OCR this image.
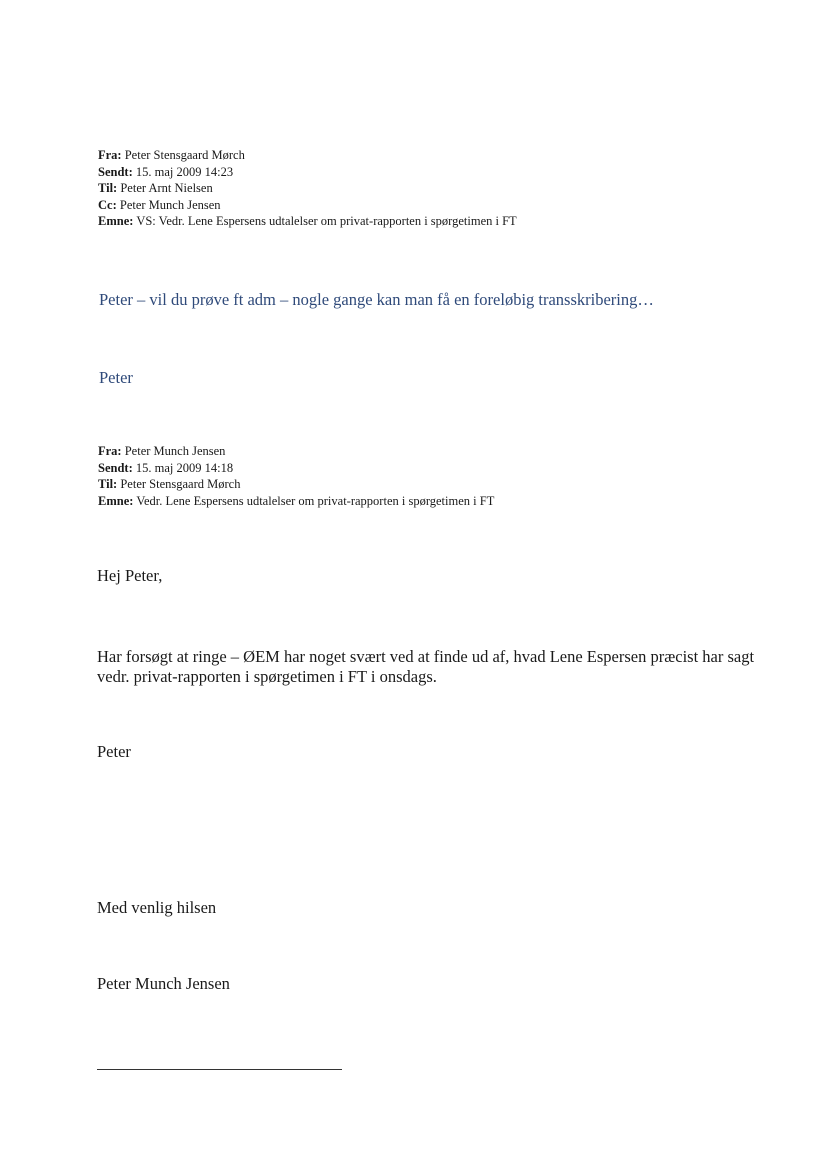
Fra: Peter Stensgaard Mørch
Sendt: 15. maj 2009 14:23
Til: Peter Arnt Nielsen
Cc: Peter Munch Jensen
Emne: VS: Vedr. Lene Espersens udtalelser om privat-rapporten i spørgetimen i FT
Peter – vil du prøve ft adm – nogle gange kan man få en foreløbig transskribering…
Peter
Fra: Peter Munch Jensen
Sendt: 15. maj 2009 14:18
Til: Peter Stensgaard Mørch
Emne: Vedr. Lene Espersens udtalelser om privat-rapporten i spørgetimen i FT
Hej Peter,
Har forsøgt at ringe – ØEM har noget svært ved at finde ud af, hvad Lene Espersen præcist har sagt vedr. privat-rapporten i spørgetimen i FT i onsdags.
Peter
Med venlig hilsen
Peter Munch Jensen
